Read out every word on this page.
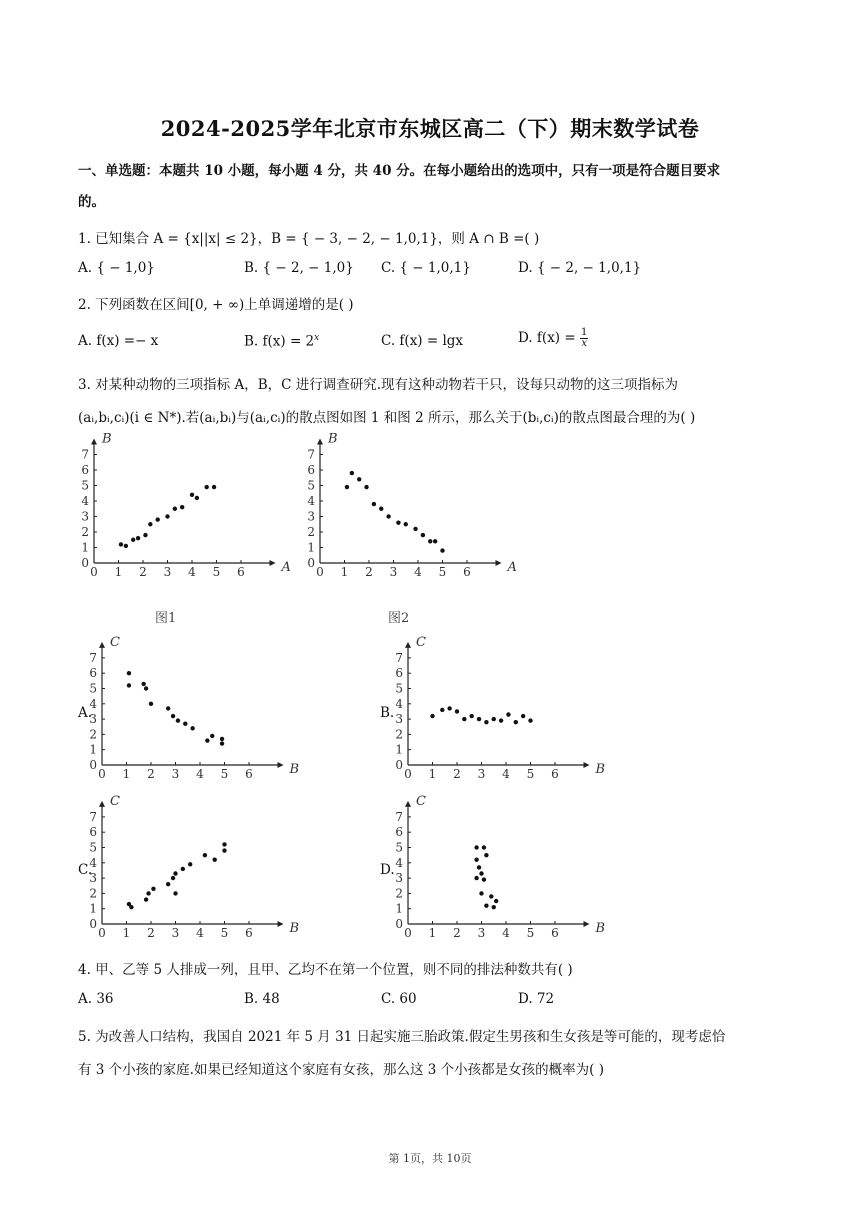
2024-2025学年北京市东城区高二（下）期末数学试卷
一、单选题：本题共 10 小题，每小题 4 分，共 40 分。在每小题给出的选项中，只有一项是符合题目要求
的。
1. 已知集合 A = {x||x| ≤ 2}，B = { − 3, − 2, − 1,0,1}，则 A ∩ B =( )
A. { − 1,0}	B. { − 2, − 1,0} C. { − 1,0,1}	D. { − 2, − 1,0,1}
2. 下列函数在区间[0, + ∞)上单调递增的是( )
A. f(x) =− x	B. $f(x) = 2^x$	C. f(x) = lgx	D. $f(x) = \frac{1}{x}$
3. 对某种动物的三项指标 A，B，C 进行调查研究.现有这种动物若干只，设每只动物的这三项指标为
(aᵢ,bᵢ,cᵢ)(i ∈ N*).若(aᵢ,bᵢ)与(aᵢ,cᵢ)的散点图如图 1 和图 2 所示，那么关于(bᵢ,cᵢ)的散点图最合理的为( )
0 1 2 3 4 5 6
1
2
3
4
5
6
7
0	A
B
0 1 2 3 4 5 6
1
2
3
4
5
6
7
0	A
B
图1	图2
A.
0 1 2 3 4 5 6
1
2
3
4
5
6
7
0	B
C
B.
0 1 2 3 4 5 6
1
2
3
4
5
6
7
0	B
C
C.
0 1 2 3 4 5 6
1
2
3
4
5
6
7
0	B
C
D.
0 1 2 3 4 5 6
1
2
3
4
5
6
7
0	B
C
4. 甲、乙等 5 人排成一列，且甲、乙均不在第一个位置，则不同的排法种数共有( )
A. 36	B. 48	C. 60	D. 72
5. 为改善人口结构，我国自 2021 年 5 月 31 日起实施三胎政策.假定生男孩和生女孩是等可能的，现考虑恰
有 3 个小孩的家庭.如果已经知道这个家庭有女孩，那么这 3 个小孩都是女孩的概率为( )
第 1页，共 10页
